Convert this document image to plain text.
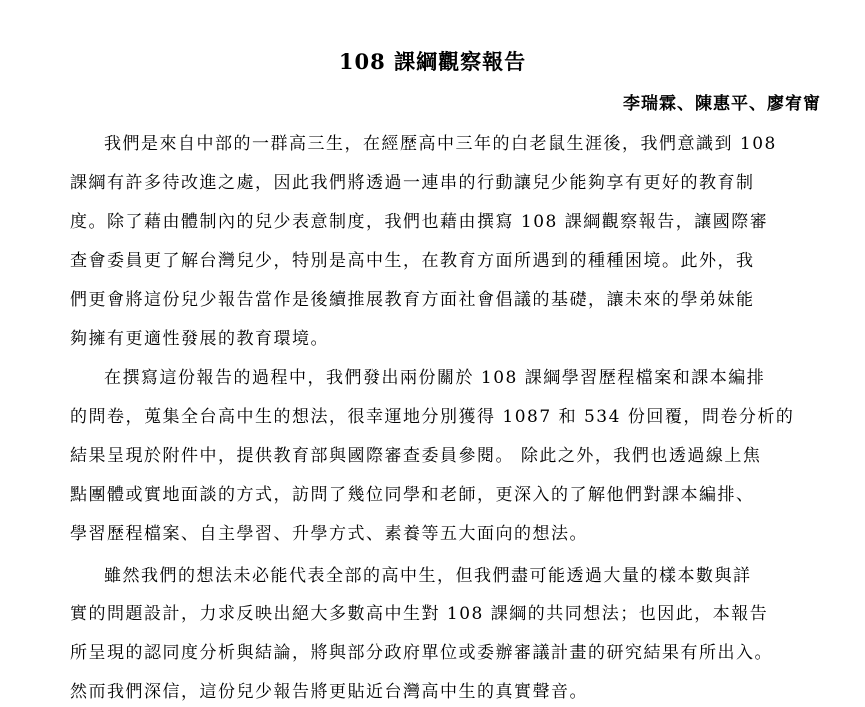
108 課綱觀察報告
李瑞霖、陳惠平、廖宥甯
我們是來自中部的一群高三生，在經歷高中三年的白老鼠生涯後，我們意識到 108
課綱有許多待改進之處，因此我們將透過一連串的行動讓兒少能夠享有更好的教育制
度。除了藉由體制內的兒少表意制度，我們也藉由撰寫 108 課綱觀察報告，讓國際審
查會委員更了解台灣兒少，特別是高中生，在教育方面所遇到的種種困境。此外，我
們更會將這份兒少報告當作是後續推展教育方面社會倡議的基礎，讓未來的學弟妹能
夠擁有更適性發展的教育環境。
在撰寫這份報告的過程中，我們發出兩份關於 108 課綱學習歷程檔案和課本編排
的問卷，蒐集全台高中生的想法，很幸運地分別獲得 1087 和 534 份回覆，問卷分析的
結果呈現於附件中，提供教育部與國際審查委員參閱。 除此之外，我們也透過線上焦
點團體或實地面談的方式，訪問了幾位同學和老師，更深入的了解他們對課本編排、
學習歷程檔案、自主學習、升學方式、素養等五大面向的想法。
雖然我們的想法未必能代表全部的高中生，但我們盡可能透過大量的樣本數與詳
實的問題設計，力求反映出絕大多數高中生對 108 課綱的共同想法；也因此，本報告
所呈現的認同度分析與結論，將與部分政府單位或委辦審議計畫的研究結果有所出入。
然而我們深信，這份兒少報告將更貼近台灣高中生的真實聲音。
